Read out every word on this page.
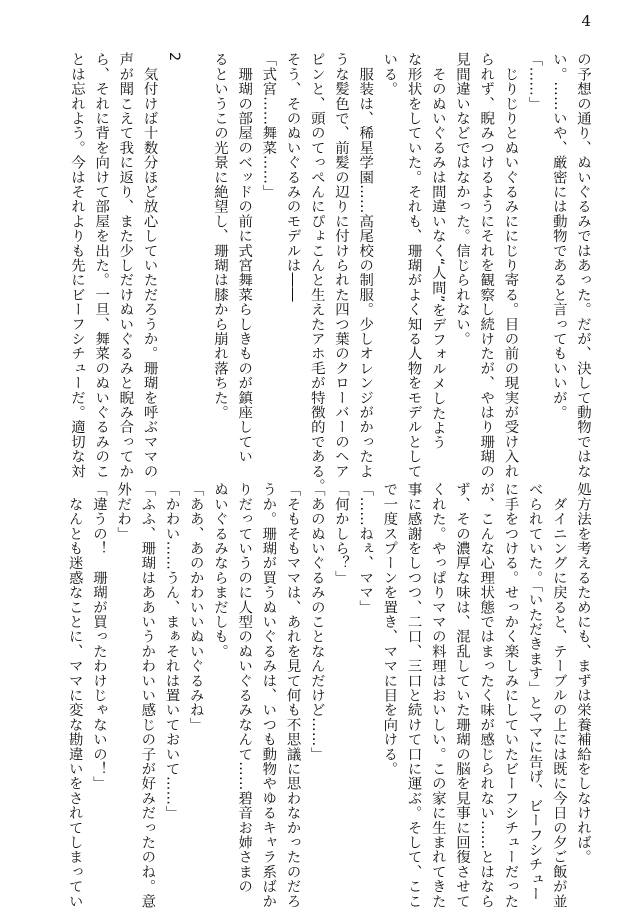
4
の予想の通り、ぬいぐるみではあった。だが、決して動物ではな
い。……いや、厳密には動物であると言ってもいいが。
「……」
　じりじりとぬいぐるみににじり寄る。目の前の現実が受け入れ
られず、睨みつけるようにそれを観察し続けたが、やはり珊瑚の
見間違いなどではなかった。信じられない。
　そのぬいぐるみは間違いなく“人間”をデフォルメしたよう
な形状をしていた。それも、珊瑚がよく知る人物をモデルとして
いる。
　服装は、稀星学園……高尾校の制服。少しオレンジがかったよ
うな髪色で、前髪の辺りに付けられた四つ葉のクローバーのヘア
ピンと、頭のてっぺんにぴょこんと生えたアホ毛が特徴的である。
そう、そのぬいぐるみのモデルは――
「式宮……舞菜……」
　珊瑚の部屋のベッドの前に式宮舞菜らしきものが鎮座してい
るというこの光景に絶望し、珊瑚は膝から崩れ落ちた。
2
　気付けば十数分ほど放心していただろうか。珊瑚を呼ぶママの
声が聞こえて我に返り、また少しだけぬいぐるみと睨み合ってか
ら、それに背を向けて部屋を出た。一旦、舞菜のぬいぐるみのこ
とは忘れよう。今はそれよりも先にビーフシチューだ。適切な対
処方法を考えるためにも、まずは栄養補給をしなければ。
　ダイニングに戻ると、テーブルの上には既に今日の夕ご飯が並
べられていた。「いただきます」とママに告げ、ビーフシチュー
に手をつける。せっかく楽しみにしていたビーフシチューだった
が、こんな心理状態ではまったく味が感じられない……とはなら
ず、その濃厚な味は、混乱していた珊瑚の脳を見事に回復させて
くれた。やっぱりママの料理はおいしい。この家に生まれてきた
事に感謝をしつつ、二口、三口と続けて口に運ぶ。そして、ここ
で一度スプーンを置き、ママに目を向ける。
「……ねぇ、ママ」
「何かしら？」
「あのぬいぐるみのことなんだけど……」
「そもそもママは、あれを見て何も不思議に思わなかったのだろ
うか。珊瑚が買うぬいぐるみは、いつも動物やゆるキャラ系ばか
りだっていうのに人型のぬいぐるみなんて……碧音お姉さまの
ぬいぐるみならまだしも。
「ああ、あのかわいいぬいぐるみね」
「かわい……うん、まぁそれは置いておいて……」
「ふふ、珊瑚はああいうかわいい感じの子が好みだったのね。意
外だわ」
「違うの！　珊瑚が買ったわけじゃないの！」
　なんとも迷惑なことに、ママに変な勘違いをされてしまってい
